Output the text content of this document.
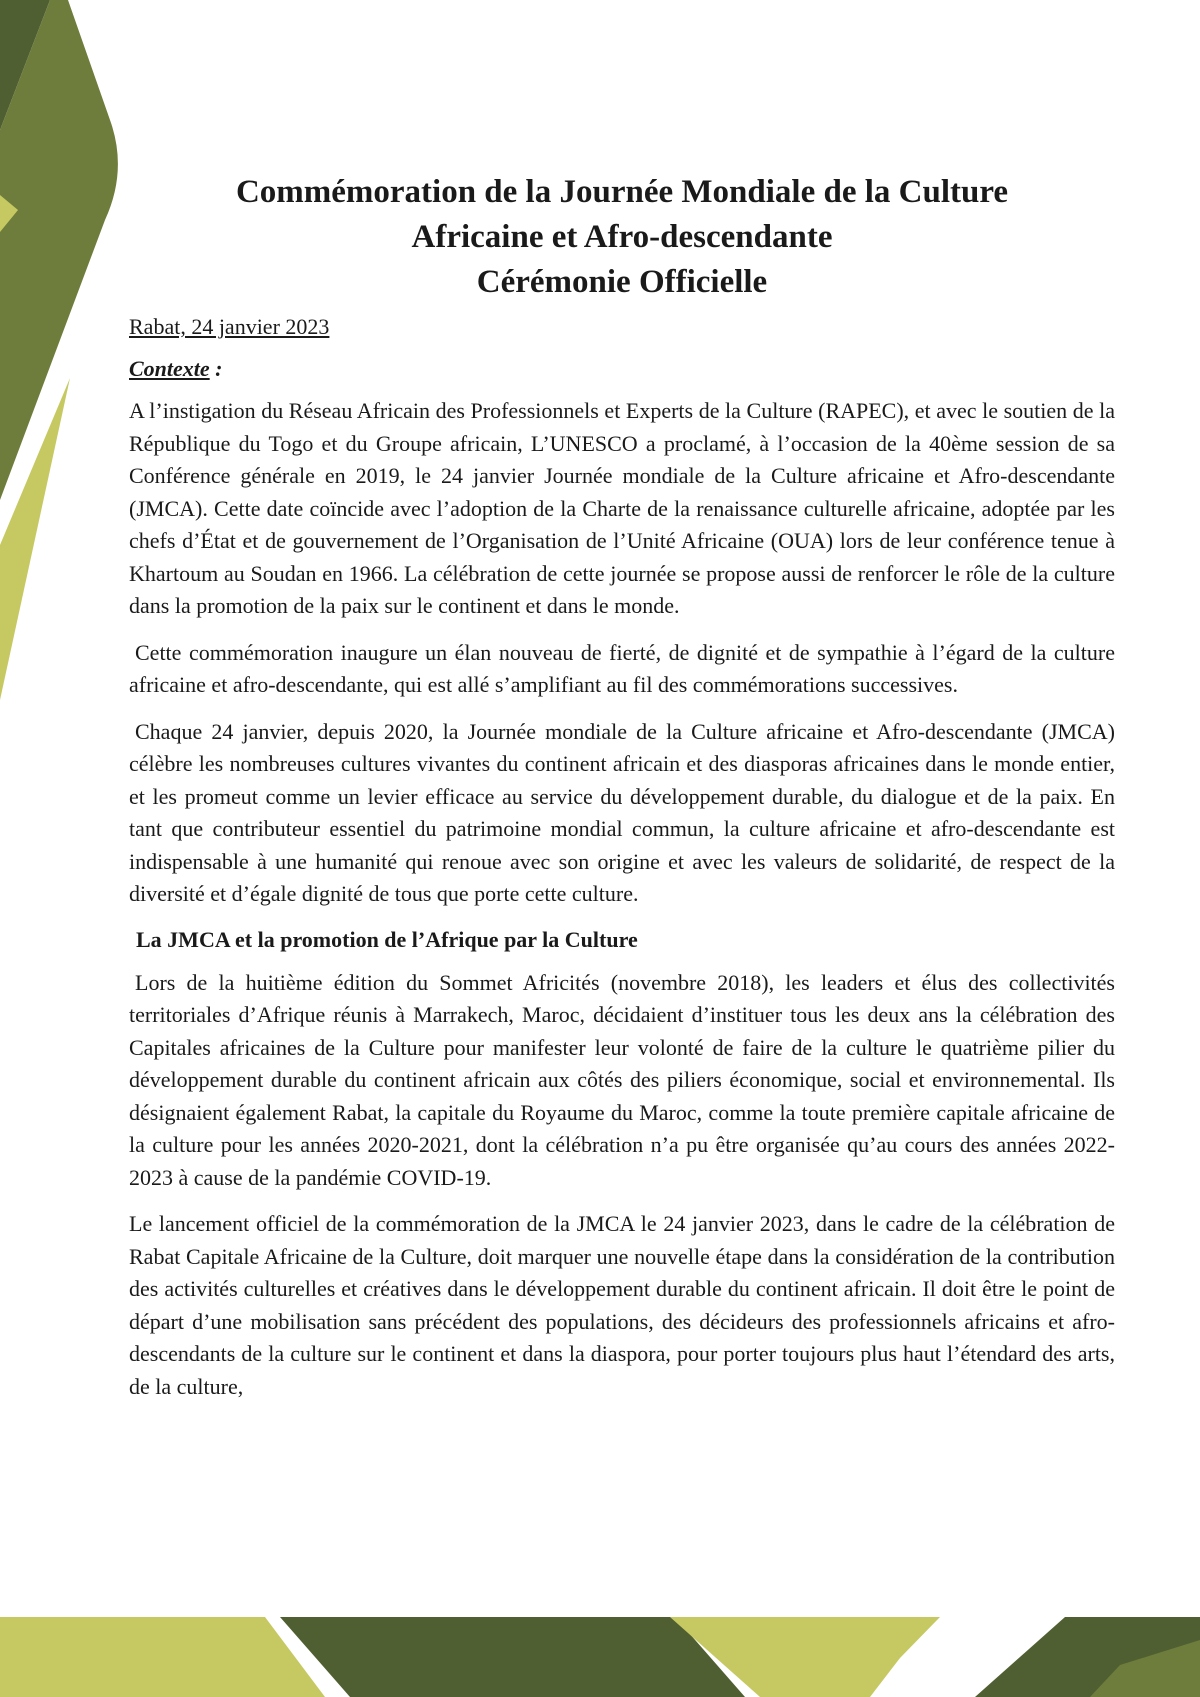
Commémoration de la Journée Mondiale de la Culture
Africaine et Afro-descendante
Cérémonie Officielle
Rabat, 24 janvier 2023
Contexte :

A l’instigation du Réseau Africain des Professionnels et Experts de la Culture (RAPEC), et avec le soutien de la République du Togo et du Groupe africain, L’UNESCO a proclamé, à l’occasion de la 40ème session de sa Conférence générale en 2019, le 24 janvier Journée mondiale de la Culture africaine et Afro-descendante (JMCA). Cette date coïncide avec l’adoption de la Charte de la renaissance culturelle africaine, adoptée par les chefs d’État et de gouvernement de l’Organisation de l’Unité Africaine (OUA) lors de leur conférence tenue à Khartoum au Soudan en 1966. La célébration de cette journée se propose aussi de renforcer le rôle de la culture dans la promotion de la paix sur le continent et dans le monde.

Cette commémoration inaugure un élan nouveau de fierté, de dignité et de sympathie à l’égard de la culture africaine et afro-descendante, qui est allé s’amplifiant au fil des commémorations successives.

Chaque 24 janvier, depuis 2020, la Journée mondiale de la Culture africaine et Afro-descendante (JMCA) célèbre les nombreuses cultures vivantes du continent africain et des diasporas africaines dans le monde entier, et les promeut comme un levier efficace au service du développement durable, du dialogue et de la paix. En tant que contributeur essentiel du patrimoine mondial commun, la culture africaine et afro-descendante est indispensable à une humanité qui renoue avec son origine et avec les valeurs de solidarité, de respect de la diversité et d’égale dignité de tous que porte cette culture.

La JMCA et la promotion de l’Afrique par la Culture

Lors de la huitième édition du Sommet Africités (novembre 2018), les leaders et élus des collectivités territoriales d’Afrique réunis à Marrakech, Maroc, décidaient d’instituer tous les deux ans la célébration des Capitales africaines de la Culture pour manifester leur volonté de faire de la culture le quatrième pilier du développement durable du continent africain aux côtés des piliers économique, social et environnemental. Ils désignaient également Rabat, la capitale du Royaume du Maroc, comme la toute première capitale africaine de la culture pour les années 2020-2021, dont la célébration n’a pu être organisée qu’au cours des années 2022-2023 à cause de la pandémie COVID-19.

Le lancement officiel de la commémoration de la JMCA le 24 janvier 2023, dans le cadre de la célébration de Rabat Capitale Africaine de la Culture, doit marquer une nouvelle étape dans la considération de la contribution des activités culturelles et créatives dans le développement durable du continent africain. Il doit être le point de départ d’une mobilisation sans précédent des populations, des décideurs des professionnels africains et afro-descendants de la culture sur le continent et dans la diaspora, pour porter toujours plus haut l’étendard des arts, de la culture,
